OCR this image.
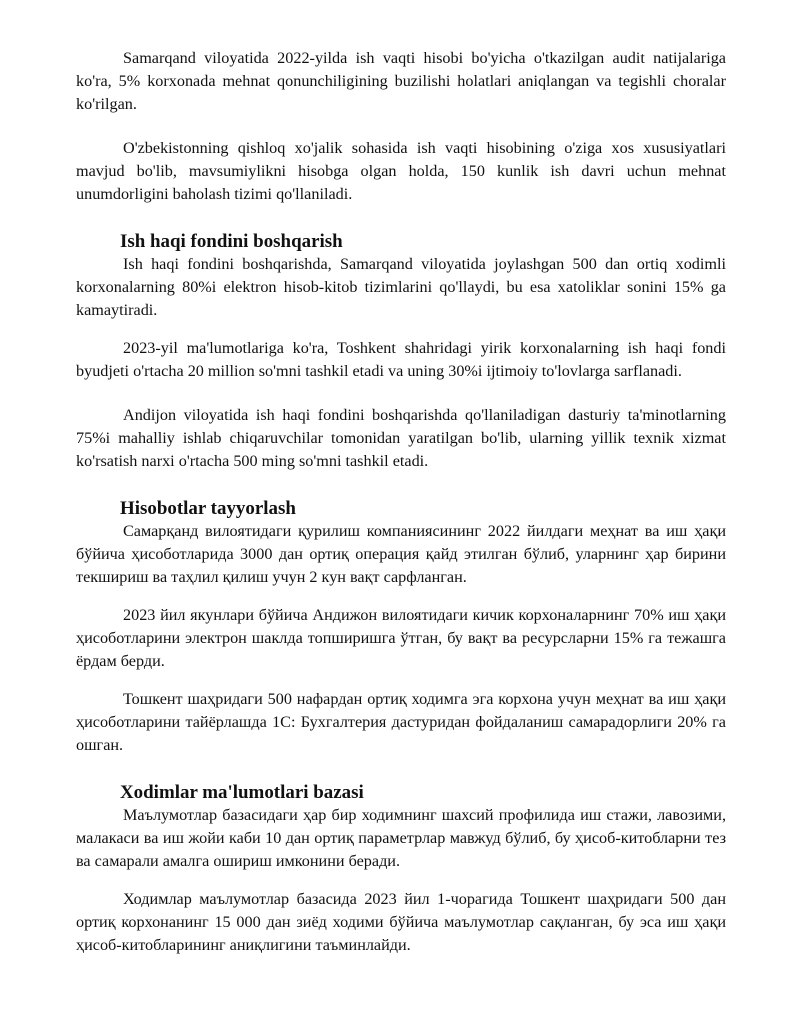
Samarqand viloyatida 2022-yilda ish vaqti hisobi bo'yicha o'tkazilgan audit natijalariga ko'ra, 5% korxonada mehnat qonunchiligining buzilishi holatlari aniqlangan va tegishli choralar ko'rilgan.

O'zbekistonning qishloq xo'jalik sohasida ish vaqti hisobining o'ziga xos xususiyatlari mavjud bo'lib, mavsumiylikni hisobga olgan holda, 150 kunlik ish davri uchun mehnat unumdorligini baholash tizimi qo'llaniladi.

Ish haqi fondini boshqarish

Ish haqi fondini boshqarishda, Samarqand viloyatida joylashgan 500 dan ortiq xodimli korxonalarning 80%i elektron hisob-kitob tizimlarini qo'llaydi, bu esa xatoliklar sonini 15% ga kamaytiradi.

2023-yil ma'lumotlariga ko'ra, Toshkent shahridagi yirik korxonalarning ish haqi fondi byudjeti o'rtacha 20 million so'mni tashkil etadi va uning 30%i ijtimoiy to'lovlarga sarflanadi.

Andijon viloyatida ish haqi fondini boshqarishda qo'llaniladigan dasturiy ta'minotlarning 75%i mahalliy ishlab chiqaruvchilar tomonidan yaratilgan bo'lib, ularning yillik texnik xizmat ko'rsatish narxi o'rtacha 500 ming so'mni tashkil etadi.

Hisobotlar tayyorlash

Самарқанд вилоятидаги қурилиш компаниясининг 2022 йилдаги меҳнат ва иш ҳақи бўйича ҳисоботларида 3000 дан ортиқ операция қайд этилган бўлиб, уларнинг ҳар бирини текшириш ва таҳлил қилиш учун 2 кун вақт сарфланган.

2023 йил якунлари бўйича Андижон вилоятидаги кичик корхоналарнинг 70% иш ҳақи ҳисоботларини электрон шаклда топширишга ўтган, бу вақт ва ресурсларни 15% га тежашга ёрдам берди.

Тошкент шаҳридаги 500 нафардан ортиқ ходимга эга корхона учун меҳнат ва иш ҳақи ҳисоботларини тайёрлашда 1С: Бухгалтерия дастуридан фойдаланиш самарадорлиги 20% га ошган.

Xodimlar ma'lumotlari bazasi

Маълумотлар базасидаги ҳар бир ходимнинг шахсий профилида иш стажи, лавозими, малакаси ва иш жойи каби 10 дан ортиқ параметрлар мавжуд бўлиб, бу ҳисоб-китобларни тез ва самарали амалга ошириш имконини беради.

Ходимлар маълумотлар базасида 2023 йил 1-чорагида Тошкент шаҳридаги 500 дан ортиқ корхонанинг 15 000 дан зиёд ходими бўйича маълумотлар сақланган, бу эса иш ҳақи ҳисоб-китобларининг аниқлигини таъминлайди.
